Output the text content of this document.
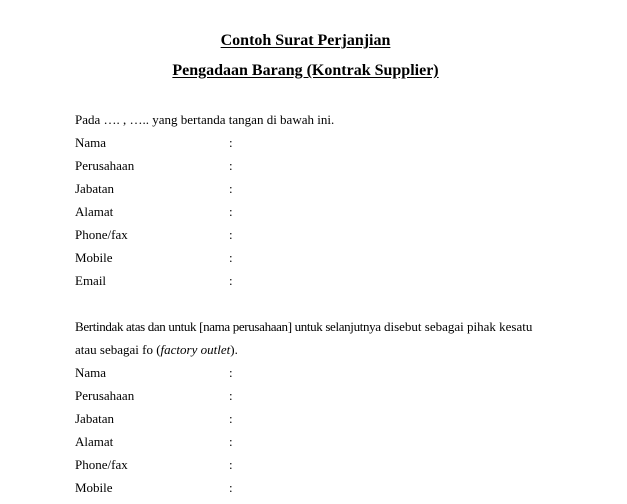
Contoh Surat Perjanjian
Pengadaan Barang (Kontrak Supplier)
Pada …. , ….. yang bertanda tangan di bawah ini.
Nama	:
Perusahaan	:
Jabatan	:
Alamat	:
Phone/fax	:
Mobile	:
Email	:
Bertindak atas dan untuk [nama perusahaan] untuk selanjutnya disebut sebagai pihak kesatu
atau sebagai fo (factory outlet).
Nama	:
Perusahaan	:
Jabatan	:
Alamat	:
Phone/fax	:
Mobile	:
